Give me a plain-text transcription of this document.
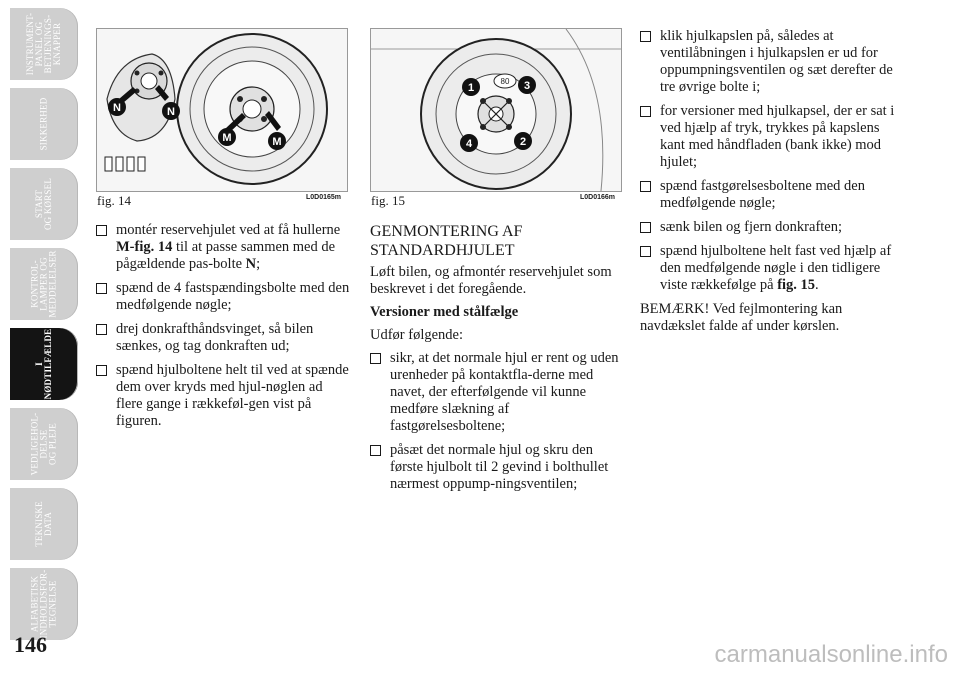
INSTRUMENT-
PANEL OG
BETJENINGS-
KNAPPER
SIKKERHED
START
OG KØRSEL
KONTROL-
LAMPER OG
MEDDELELSER
I
NØDTILFÆLDE
VEDLIGEHOL-
DELSE
OG PLEJE
TEKNISKE
DATA
ALFABETISK
INDHOLDSFOR-
TEGNELSE
146
N	N
M	M
fig. 14	L0D0165m
80
1	3
4	2
fig. 15	L0D0166m
montér reservehjulet ved at få hullerne M-fig. 14 til at passe sammen med de pågældende pas-bolte N;
spænd de 4 fastspændingsbolte med den medfølgende nøgle;
drej donkrafthåndsvinget, så bilen sænkes, og tag donkraften ud;
spænd hjulboltene helt til ved at spænde dem over kryds med hjul-nøglen ad flere gange i rækkeføl-gen vist på figuren.
GENMONTERING AF STANDARDHJULET

Løft bilen, og afmontér reservehjulet som beskrevet i det foregående.

Versioner med stålfælge

Udfør følgende:

sikr, at det normale hjul er rent og uden urenheder på kontaktfla-derne med navet, der efterfølgende vil kunne medføre slækning af fastgørelsesboltene;
påsæt det normale hjul og skru den første hjulbolt til 2 gevind i bolthullet nærmest oppump-ningsventilen;
klik hjulkapslen på, således at ventilåbningen i hjulkapslen er ud for oppumpningsventilen og sæt derefter de tre øvrige bolte i;
for versioner med hjulkapsel, der er sat i ved hjælp af tryk, trykkes på kapslens kant med håndfladen (bank ikke) mod hjulet;
spænd fastgørelsesboltene med den medfølgende nøgle;
sænk bilen og fjern donkraften;
spænd hjulboltene helt fast ved hjælp af den medfølgende nøgle i den tidligere viste rækkefølge på fig. 15.

BEMÆRK! Ved fejlmontering kan navdækslet falde af under kørslen.

carmanualsonline.info
